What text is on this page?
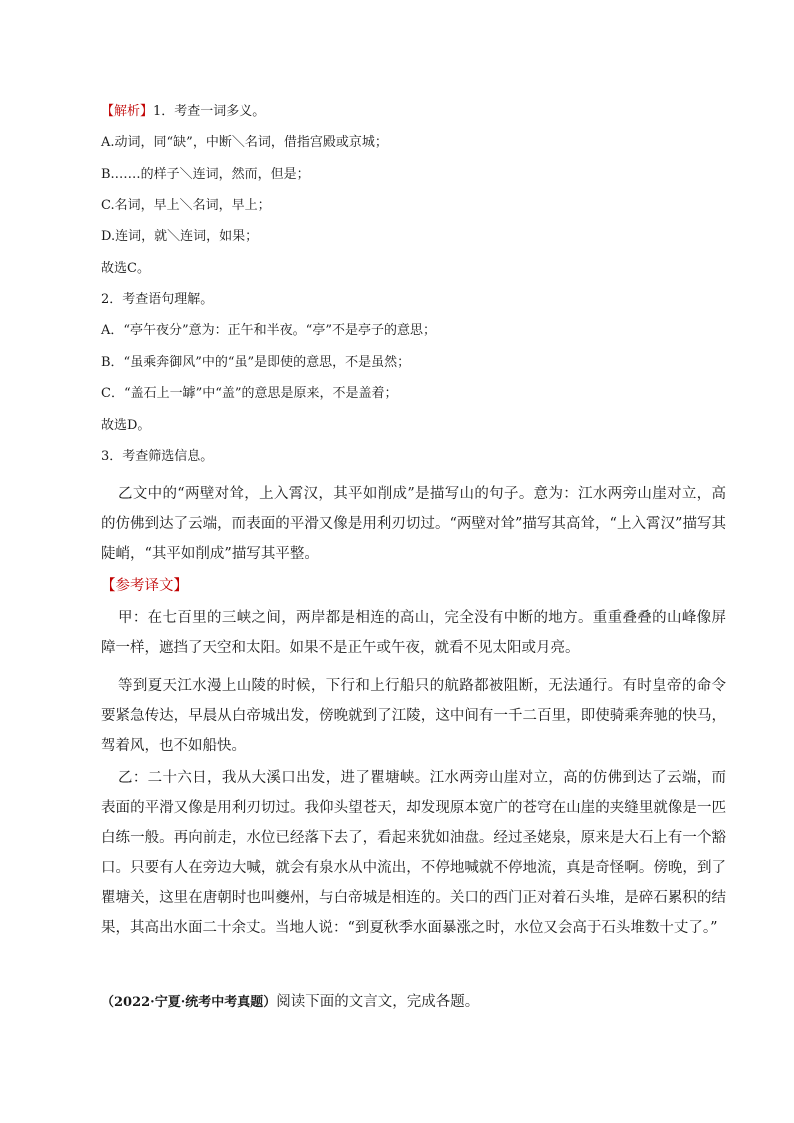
【解析】1．考查一词多义。
A.动词，同“缺”，中断＼名词，借指宫殿或京城；
B.……的样子＼连词，然而，但是；
C.名词，早上＼名词，早上；
D.连词，就＼连词，如果；
故选C。
2．考查语句理解。
A．“亭午夜分”意为：正午和半夜。“亭”不是亭子的意思；
B．“虽乘奔御风”中的“虽”是即使的意思，不是虽然；
C．“盖石上一罅”中“盖”的意思是原来，不是盖着；
故选D。
3．考查筛选信息。
乙文中的“两壁对耸，上入霄汉，其平如削成”是描写山的句子。意为：江水两旁山崖对立，高的仿佛到达了云端，而表面的平滑又像是用利刃切过。“两壁对耸”描写其高耸，“上入霄汉”描写其陡峭，“其平如削成”描写其平整。
【参考译文】
甲：在七百里的三峡之间，两岸都是相连的高山，完全没有中断的地方。重重叠叠的山峰像屏障一样，遮挡了天空和太阳。如果不是正午或午夜，就看不见太阳或月亮。
等到夏天江水漫上山陵的时候，下行和上行船只的航路都被阻断，无法通行。有时皇帝的命令要紧急传达，早晨从白帝城出发，傍晚就到了江陵，这中间有一千二百里，即使骑乘奔驰的快马，驾着风，也不如船快。
乙：二十六日，我从大溪口出发，进了瞿塘峡。江水两旁山崖对立，高的仿佛到达了云端，而表面的平滑又像是用利刃切过。我仰头望苍天，却发现原本宽广的苍穹在山崖的夹缝里就像是一匹白练一般。再向前走，水位已经落下去了，看起来犹如油盘。经过圣姥泉，原来是大石上有一个豁口。只要有人在旁边大喊，就会有泉水从中流出，不停地喊就不停地流，真是奇怪啊。傍晚，到了瞿塘关，这里在唐朝时也叫夔州，与白帝城是相连的。关口的西门正对着石头堆，是碎石累积的结果，其高出水面二十余丈。当地人说：“到夏秋季水面暴涨之时，水位又会高于石头堆数十丈了。”
（2022·宁夏·统考中考真题）阅读下面的文言文，完成各题。
